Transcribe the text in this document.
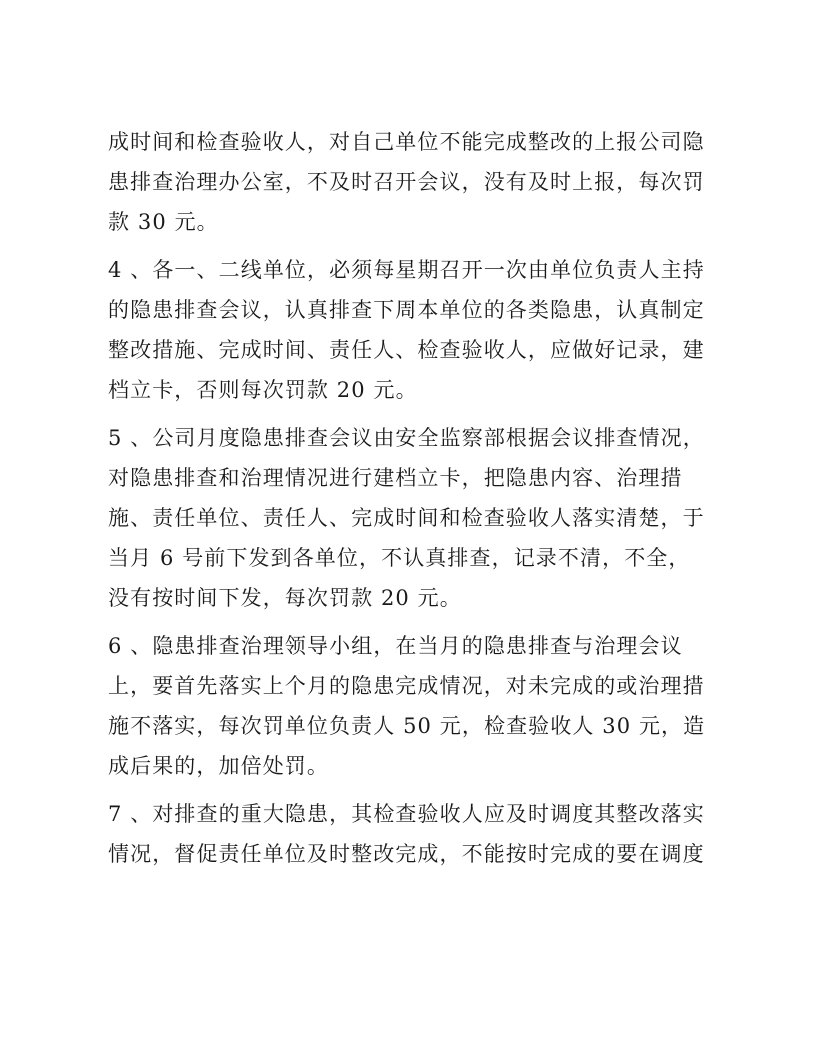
成时间和检查验收人，对自己单位不能完成整改的上报公司隐
患排查治理办公室，不及时召开会议，没有及时上报，每次罚
款 30 元。
4 、各一、二线单位，必须每星期召开一次由单位负责人主持
的隐患排查会议，认真排查下周本单位的各类隐患，认真制定
整改措施、完成时间、责任人、检查验收人，应做好记录，建
档立卡，否则每次罚款 20 元。
5 、公司月度隐患排查会议由安全监察部根据会议排查情况，
对隐患排查和治理情况进行建档立卡，把隐患内容、治理措
施、责任单位、责任人、完成时间和检查验收人落实清楚，于
当月 6 号前下发到各单位，不认真排查，记录不清，不全，
没有按时间下发，每次罚款 20 元。
6 、隐患排查治理领导小组，在当月的隐患排查与治理会议
上，要首先落实上个月的隐患完成情况，对未完成的或治理措
施不落实，每次罚单位负责人 50 元，检查验收人 30 元，造
成后果的，加倍处罚。
7 、对排查的重大隐患，其检查验收人应及时调度其整改落实
情况，督促责任单位及时整改完成，不能按时完成的要在调度
